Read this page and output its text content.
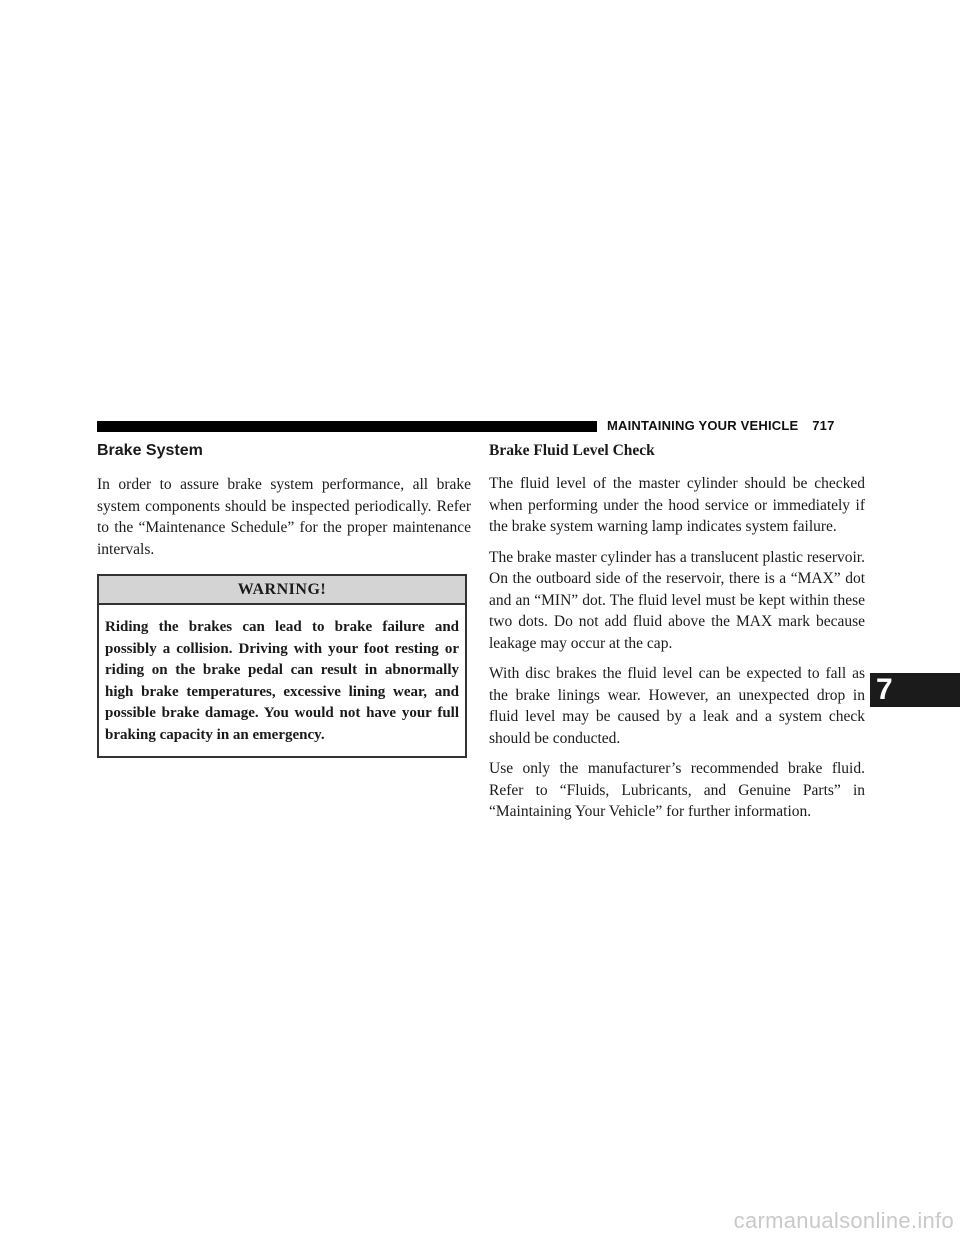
MAINTAINING YOUR VEHICLE 717
Brake System

In order to assure brake system performance, all brake system components should be inspected periodically. Refer to the “Maintenance Schedule” for the proper maintenance intervals.

WARNING!

Riding the brakes can lead to brake failure and possibly a collision. Driving with your foot resting or riding on the brake pedal can result in abnormally high brake temperatures, excessive lining wear, and possible brake damage. You would not have your full braking capacity in an emergency.

Brake Fluid Level Check

The fluid level of the master cylinder should be checked when performing under the hood service or immediately if the brake system warning lamp indicates system failure.

The brake master cylinder has a translucent plastic reservoir. On the outboard side of the reservoir, there is a “MAX” dot and an “MIN” dot. The fluid level must be kept within these two dots. Do not add fluid above the MAX mark because leakage may occur at the cap.

With disc brakes the fluid level can be expected to fall as the brake linings wear. However, an unexpected drop in fluid level may be caused by a leak and a system check should be conducted.

Use only the manufacturer’s recommended brake fluid. Refer to “Fluids, Lubricants, and Genuine Parts” in “Maintaining Your Vehicle” for further information.

7
carmanualsonline.info
